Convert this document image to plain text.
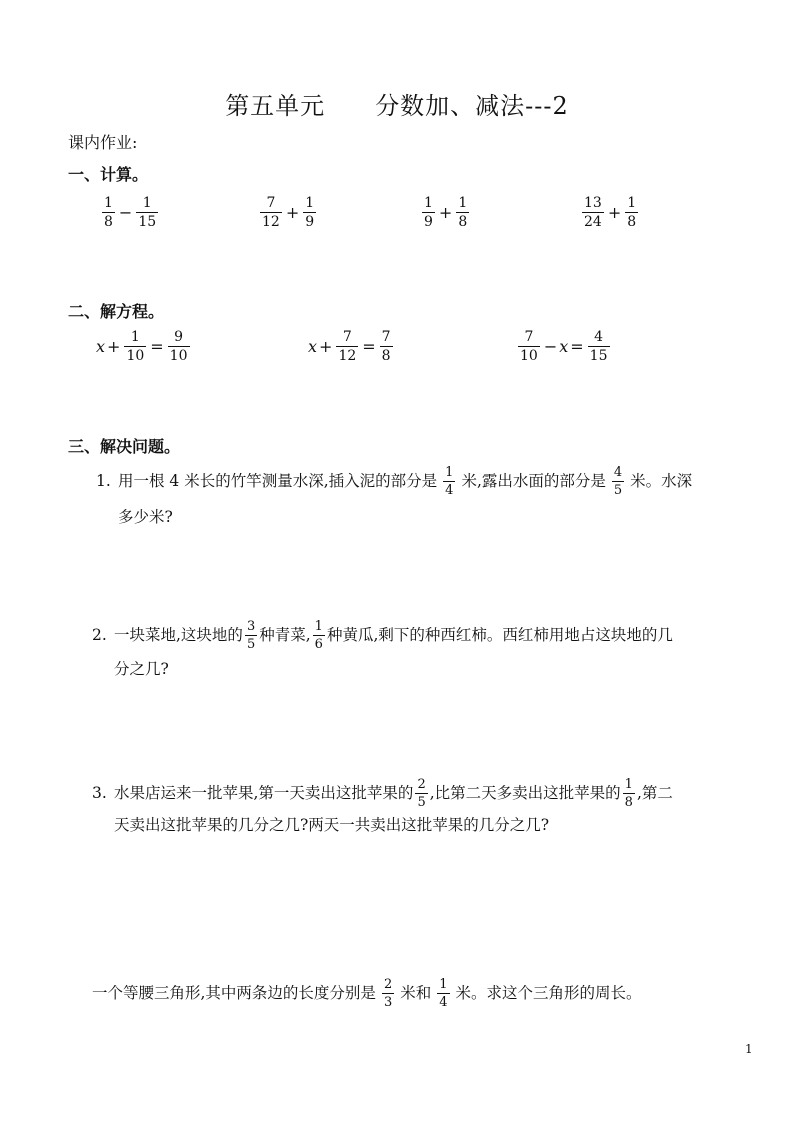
第五单元 分数加、减法---2
课内作业:
一、计算。
$\frac{1}{8} - \frac{1}{15}$	$\frac{7}{12} + \frac{1}{9}$	$\frac{1}{9} + \frac{1}{8}$	$\frac{13}{24} + \frac{1}{8}$
二、解方程。
$x + \frac{1}{10} = \frac{9}{10}$	$x + \frac{7}{12} = \frac{7}{8}$	$\frac{7}{10} - x = \frac{4}{15}$
三、解决问题。
1. 用一根 4 米长的竹竿测量水深,插入泥的部分是 $\frac{1}{4}$ 米,露出水面的部分是 $\frac{4}{5}$ 米。水深
多少米?
2. 一块菜地,这块地的 $\frac{3}{5}$ 种青菜, $\frac{1}{6}$ 种黄瓜,剩下的种西红柿。西红柿用地占这块地的几
分之几?
3. 水果店运来一批苹果,第一天卖出这批苹果的 $\frac{2}{5}$ ,比第二天多卖出这批苹果的 $\frac{1}{8}$ ,第二
天卖出这批苹果的几分之几?两天一共卖出这批苹果的几分之几?
一个等腰三角形,其中两条边的长度分别是 $\frac{2}{3}$ 米和 $\frac{1}{4}$ 米。求这个三角形的周长。
1
